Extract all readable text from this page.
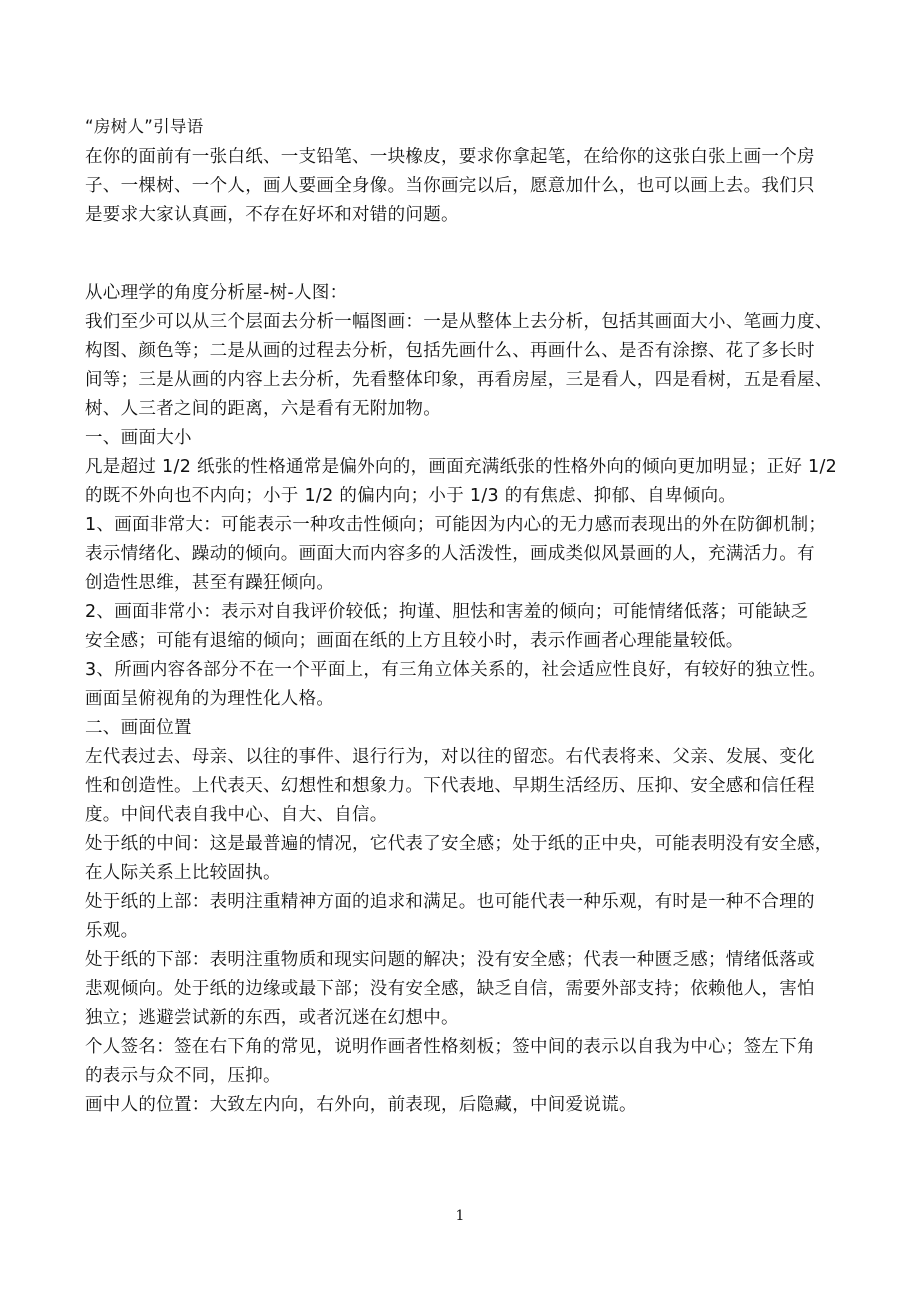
“房树人”引导语
在你的面前有一张白纸、一支铅笔、一块橡皮，要求你拿起笔，在给你的这张白张上画一个房
子、一棵树、一个人，画人要画全身像。当你画完以后，愿意加什么，也可以画上去。我们只
是要求大家认真画，不存在好坏和对错的问题。
从心理学的角度分析屋-树-人图：
我们至少可以从三个层面去分析一幅图画：一是从整体上去分析，包括其画面大小、笔画力度、
构图、颜色等；二是从画的过程去分析，包括先画什么、再画什么、是否有涂擦、花了多长时
间等；三是从画的内容上去分析，先看整体印象，再看房屋，三是看人，四是看树，五是看屋、
树、人三者之间的距离，六是看有无附加物。
一、画面大小
凡是超过 1/2 纸张的性格通常是偏外向的，画面充满纸张的性格外向的倾向更加明显；正好 1/2
的既不外向也不内向；小于 1/2 的偏内向；小于 1/3 的有焦虑、抑郁、自卑倾向。
1、画面非常大：可能表示一种攻击性倾向；可能因为内心的无力感而表现出的外在防御机制；
表示情绪化、躁动的倾向。画面大而内容多的人活泼性，画成类似风景画的人，充满活力。有
创造性思维，甚至有躁狂倾向。
2、画面非常小：表示对自我评价较低；拘谨、胆怯和害羞的倾向；可能情绪低落；可能缺乏
安全感；可能有退缩的倾向；画面在纸的上方且较小时，表示作画者心理能量较低。
3、所画内容各部分不在一个平面上，有三角立体关系的，社会适应性良好，有较好的独立性。
画面呈俯视角的为理性化人格。
二、画面位置
左代表过去、母亲、以往的事件、退行行为，对以往的留恋。右代表将来、父亲、发展、变化
性和创造性。上代表天、幻想性和想象力。下代表地、早期生活经历、压抑、安全感和信任程
度。中间代表自我中心、自大、自信。
处于纸的中间：这是最普遍的情况，它代表了安全感；处于纸的正中央，可能表明没有安全感，
在人际关系上比较固执。
处于纸的上部：表明注重精神方面的追求和满足。也可能代表一种乐观，有时是一种不合理的
乐观。
处于纸的下部：表明注重物质和现实问题的解决；没有安全感；代表一种匮乏感；情绪低落或
悲观倾向。处于纸的边缘或最下部；没有安全感，缺乏自信，需要外部支持；依赖他人，害怕
独立；逃避尝试新的东西，或者沉迷在幻想中。
个人签名：签在右下角的常见，说明作画者性格刻板；签中间的表示以自我为中心；签左下角
的表示与众不同，压抑。
画中人的位置：大致左内向，右外向，前表现，后隐藏，中间爱说谎。
1
